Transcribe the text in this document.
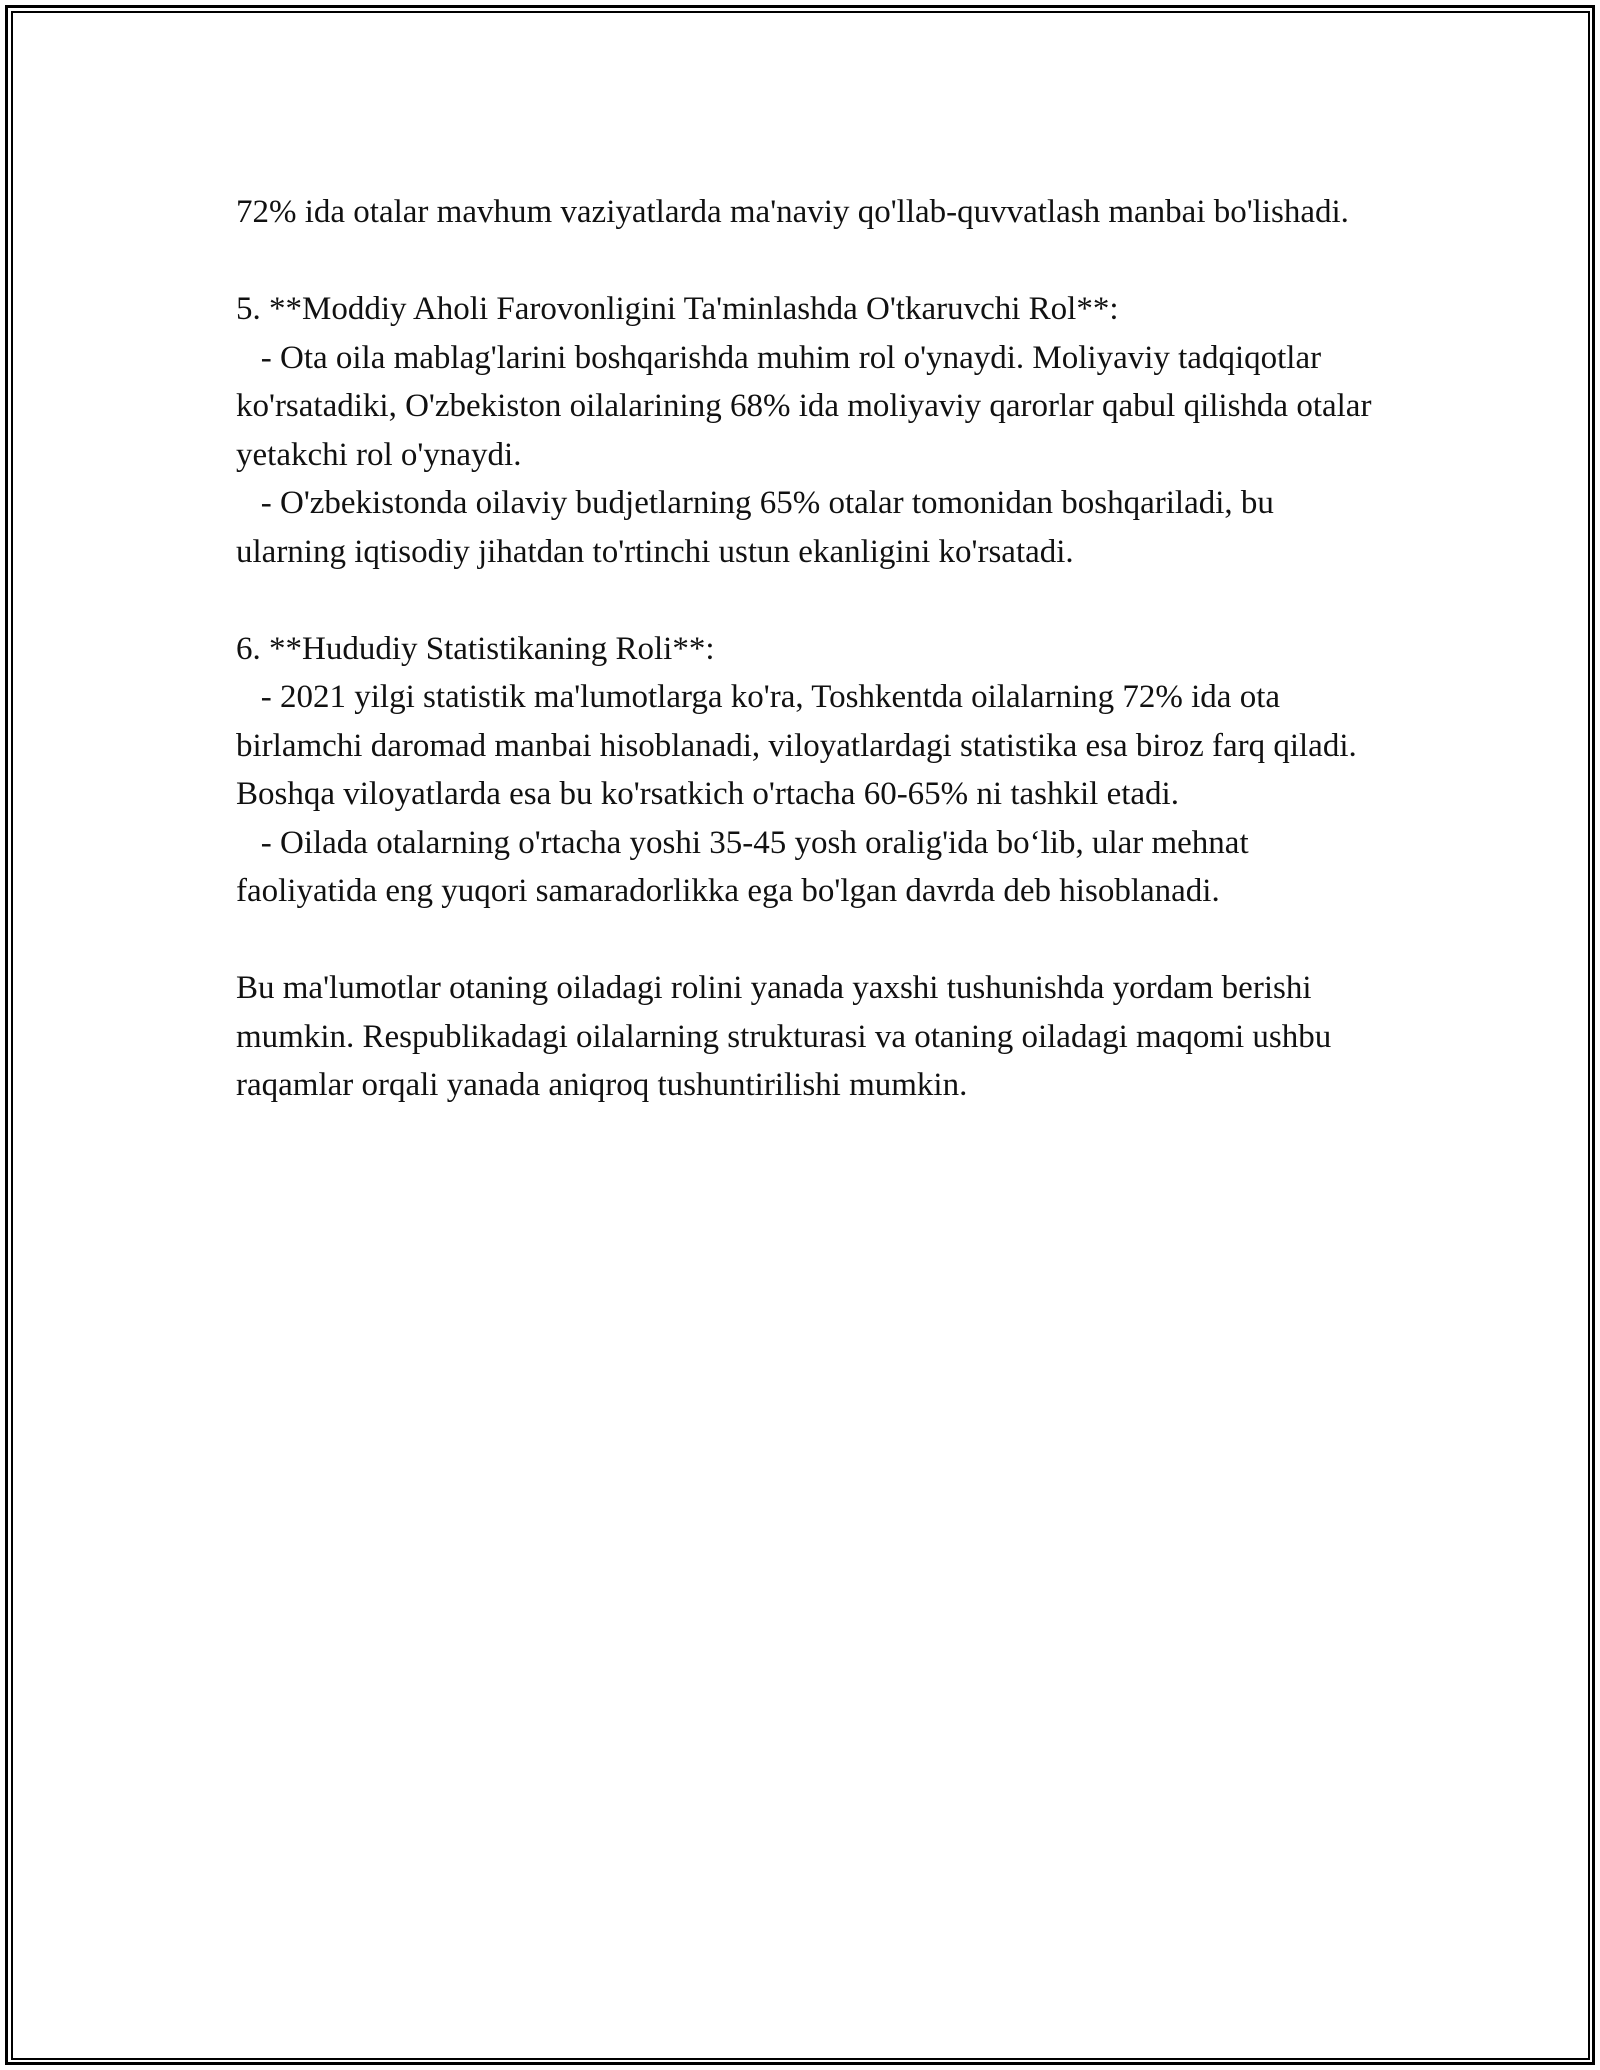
72% ida otalar mavhum vaziyatlarda ma'naviy qo'llab-quvvatlash manbai bo'lishadi.

5. **Moddiy Aholi Farovonligini Ta'minlashda O'tkaruvchi Rol**:

- Ota oila mablag'larini boshqarishda muhim rol o'ynaydi. Moliyaviy tadqiqotlar ko'rsatadiki, O'zbekiston oilalarining 68% ida moliyaviy qarorlar qabul qilishda otalar yetakchi rol o'ynaydi.

- O'zbekistonda oilaviy budjetlarning 65% otalar tomonidan boshqariladi, bu ularning iqtisodiy jihatdan to'rtinchi ustun ekanligini ko'rsatadi.

6. **Hududiy Statistikaning Roli**:

- 2021 yilgi statistik ma'lumotlarga ko'ra, Toshkentda oilalarning 72% ida ota birlamchi daromad manbai hisoblanadi, viloyatlardagi statistika esa biroz farq qiladi. Boshqa viloyatlarda esa bu ko'rsatkich o'rtacha 60-65% ni tashkil etadi.

- Oilada otalarning o'rtacha yoshi 35-45 yosh oralig'ida bo‘lib, ular mehnat faoliyatida eng yuqori samaradorlikka ega bo'lgan davrda deb hisoblanadi.

Bu ma'lumotlar otaning oiladagi rolini yanada yaxshi tushunishda yordam berishi mumkin. Respublikadagi oilalarning strukturasi va otaning oiladagi maqomi ushbu raqamlar orqali yanada aniqroq tushuntirilishi mumkin.
